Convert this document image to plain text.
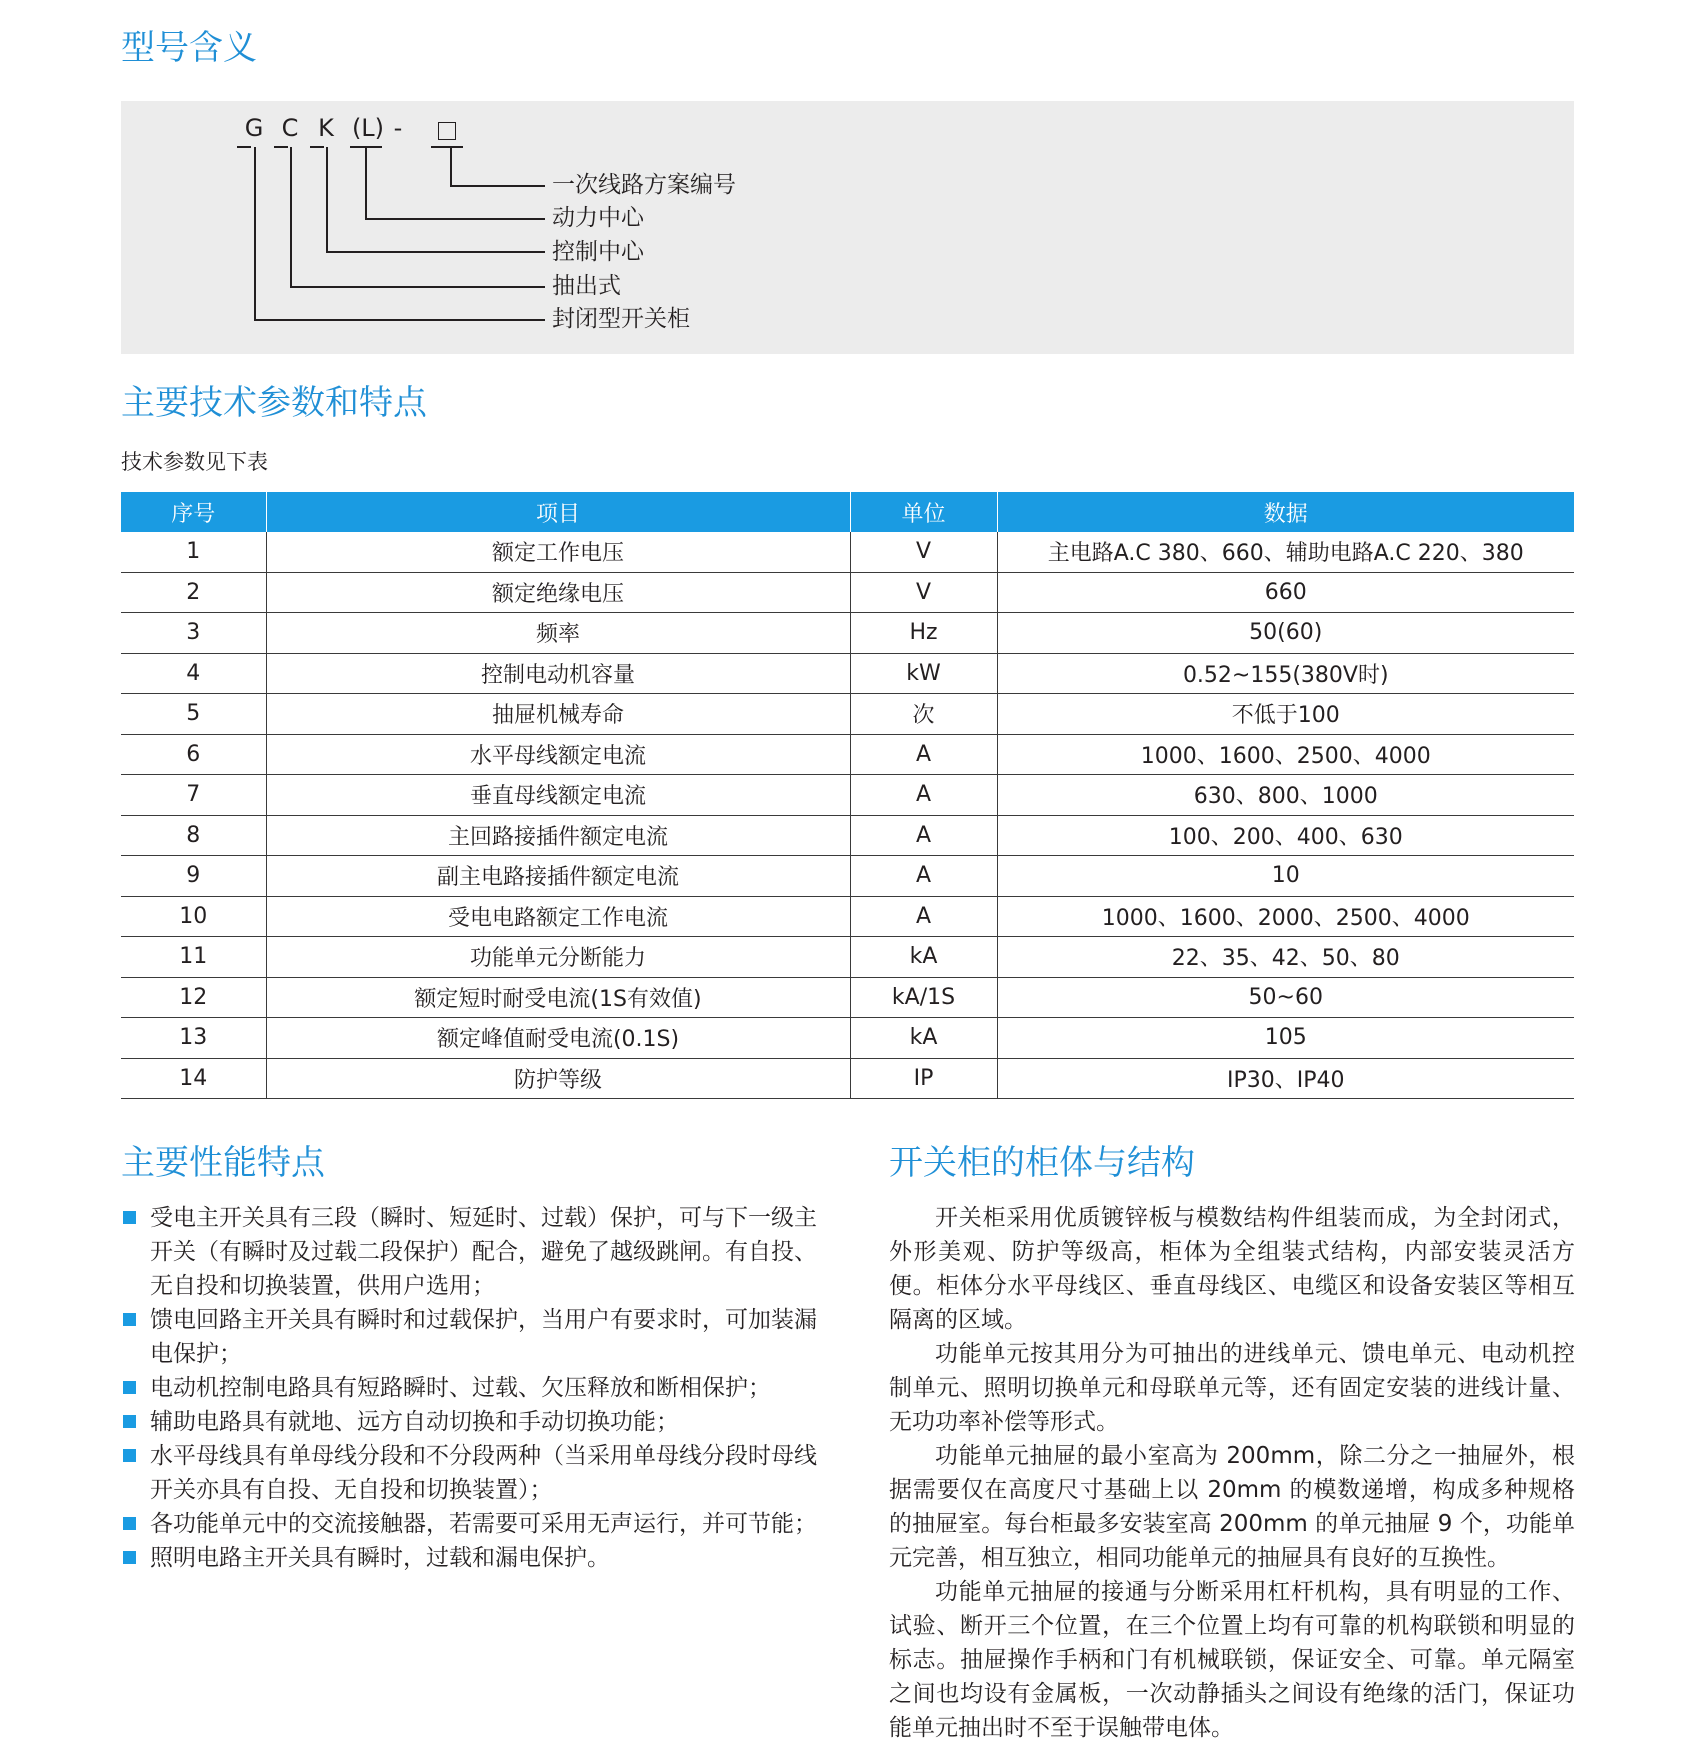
型号含义
G C K (L) -
一次线路方案编号
动力中心
控制中心
抽出式
封闭型开关柜
主要技术参数和特点
技术参数见下表
序号	项目	单位	数据
1	额定工作电压	V	主电路A.C 380、660、辅助电路A.C 220、380
2	额定绝缘电压	V	660
3	频率	Hz	50(60)
4	控制电动机容量	kW	0.52~155(380V时)
5	抽屉机械寿命	次	不低于100
6	水平母线额定电流	A	1000、1600、2500、4000
7	垂直母线额定电流	A	630、800、1000
8	主回路接插件额定电流	A	100、200、400、630
9	副主电路接插件额定电流	A	10
10	受电电路额定工作电流	A	1000、1600、2000、2500、4000
11	功能单元分断能力	kA	22、35、42、50、80
12	额定短时耐受电流(1S有效值)	kA/1S	50~60
13	额定峰值耐受电流(0.1S)	kA	105
14	防护等级	IP	IP30、IP40
主要性能特点
受电主开关具有三段（瞬时、短延时、过载）保护，可与下一级主开关（有瞬时及过载二段保护）配合，避免了越级跳闸。有自投、无自投和切换装置，供用户选用；
馈电回路主开关具有瞬时和过载保护，当用户有要求时，可加装漏电保护；
电动机控制电路具有短路瞬时、过载、欠压释放和断相保护；
辅助电路具有就地、远方自动切换和手动切换功能；
水平母线具有单母线分段和不分段两种（当采用单母线分段时母线开关亦具有自投、无自投和切换装置）；
各功能单元中的交流接触器，若需要可采用无声运行，并可节能；
照明电路主开关具有瞬时，过载和漏电保护。
开关柜的柜体与结构

开关柜采用优质镀锌板与模数结构件组装而成，为全封闭式，外形美观、防护等级高，柜体为全组装式结构，内部安装灵活方便。柜体分水平母线区、垂直母线区、电缆区和设备安装区等相互隔离的区域。

功能单元按其用分为可抽出的进线单元、馈电单元、电动机控制单元、照明切换单元和母联单元等，还有固定安装的进线计量、无功功率补偿等形式。

功能单元抽屉的最小室高为 200mm，除二分之一抽屉外，根据需要仅在高度尺寸基础上以 20mm 的模数递增，构成多种规格的抽屉室。每台柜最多安装室高 200mm 的单元抽屉 9 个，功能单元完善，相互独立，相同功能单元的抽屉具有良好的互换性。

功能单元抽屉的接通与分断采用杠杆机构，具有明显的工作、试验、断开三个位置，在三个位置上均有可靠的机构联锁和明显的标志。抽屉操作手柄和门有机械联锁，保证安全、可靠。单元隔室之间也均设有金属板，一次动静插头之间设有绝缘的活门，保证功能单元抽出时不至于误触带电体。
